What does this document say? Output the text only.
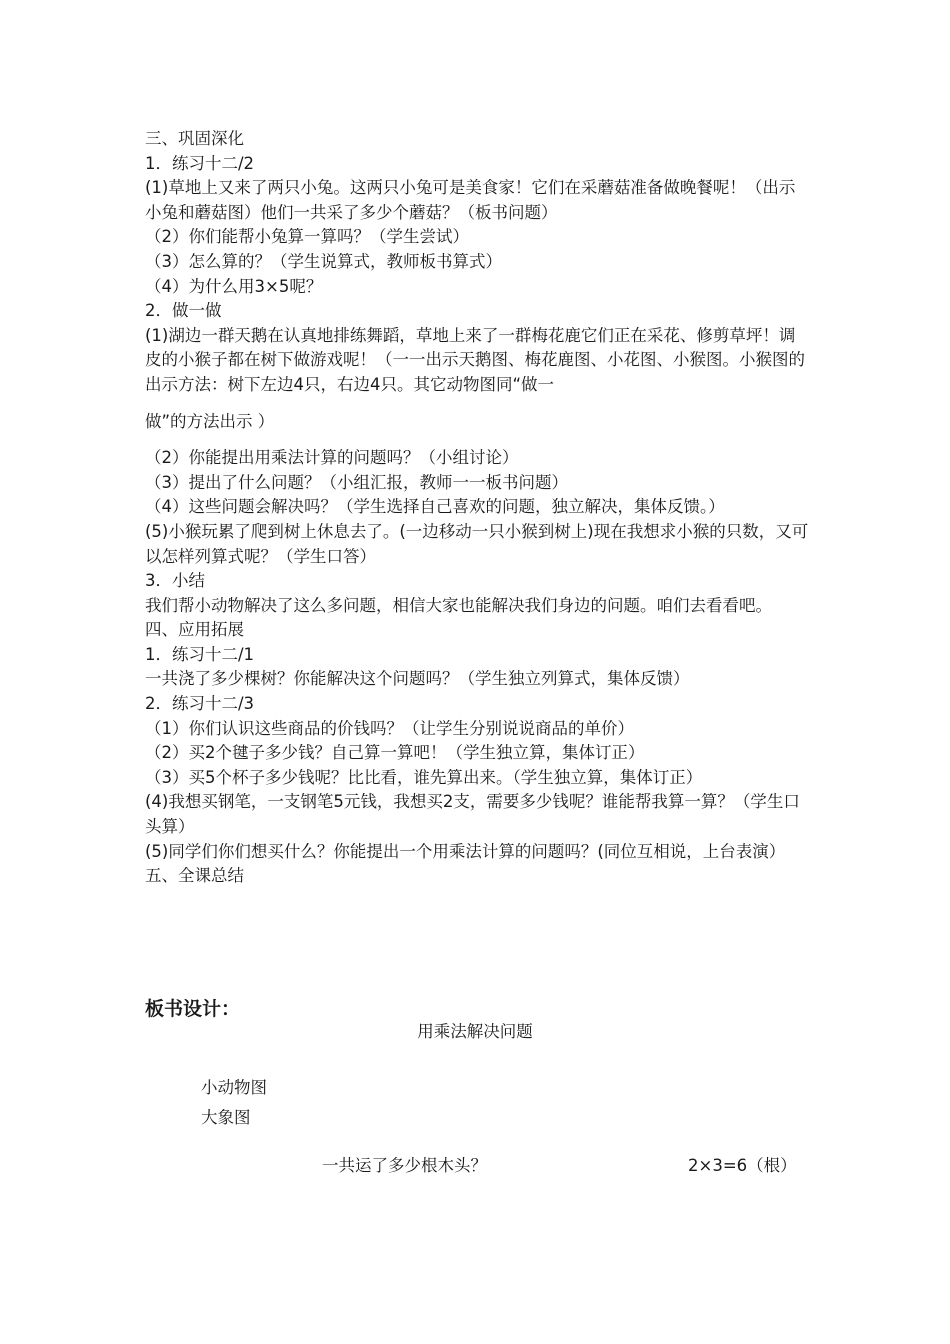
三、巩固深化

1．练习十二/2

(1)草地上又来了两只小兔。这两只小兔可是美食家！它们在采蘑菇准备做晚餐呢！（出示小兔和蘑菇图）他们一共采了多少个蘑菇？（板书问题）

（2）你们能帮小兔算一算吗？（学生尝试）

（3）怎么算的？（学生说算式，教师板书算式）

（4）为什么用3×5呢？

2．做一做

(1)湖边一群天鹅在认真地排练舞蹈，草地上来了一群梅花鹿它们正在采花、修剪草坪！调皮的小猴子都在树下做游戏呢！（一一出示天鹅图、梅花鹿图、小花图、小猴图。小猴图的出示方法：树下左边4只，右边4只。其它动物图同“做一

做”的方法出示 ）

（2）你能提出用乘法计算的问题吗？（小组讨论）

（3）提出了什么问题？（小组汇报，教师一一板书问题）

（4）这些问题会解决吗？（学生选择自己喜欢的问题，独立解决，集体反馈。）

(5)小猴玩累了爬到树上休息去了。(一边移动一只小猴到树上)现在我想求小猴的只数，又可以怎样列算式呢？（学生口答）

3．小结

我们帮小动物解决了这么多问题，相信大家也能解决我们身边的问题。咱们去看看吧。

四、应用拓展

1．练习十二/1

一共浇了多少棵树？你能解决这个问题吗？（学生独立列算式，集体反馈）

2．练习十二/3

（1）你们认识这些商品的价钱吗？（让学生分别说说商品的单价）

（2）买2个毽子多少钱？自己算一算吧！（学生独立算，集体订正）

（3）买5个杯子多少钱呢？比比看，谁先算出来。（学生独立算，集体订正）

(4)我想买钢笔，一支钢笔5元钱，我想买2支，需要多少钱呢？谁能帮我算一算？（学生口头算）

(5)同学们你们想买什么？你能提出一个用乘法计算的问题吗？(同位互相说，上台表演）

五、全课总结

板书设计：
用乘法解决问题
小动物图
大象图
一共运了多少根木头？	2×3=6（根）
